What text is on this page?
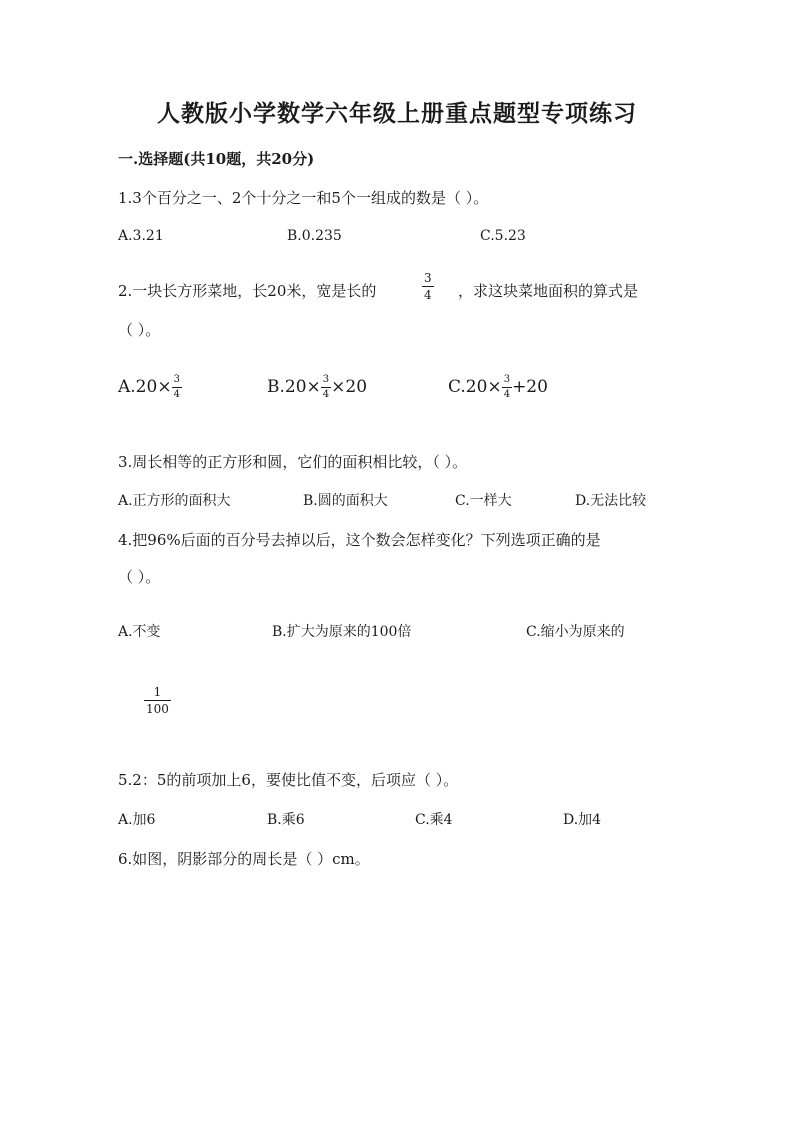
人教版小学数学六年级上册重点题型专项练习
一.选择题(共10题，共20分)
1.3个百分之一、2个十分之一和5个一组成的数是（ ）。
A.3.21	B.0.235	C.5.23
2.一块长方形菜地，长20米，宽是长的	$\frac{3}{4}$ ，求这块菜地面积的算式是
（ ）。
$A.20\times \frac{3}{4}$	$B.20\times \frac{3}{4} \times 20$	$C.20\times \frac{3}{4} +20$
3.周长相等的正方形和圆，它们的面积相比较，（ ）。
A.正方形的面积大	B.圆的面积大	C.一样大	D.无法比较
4.把96%后面的百分号去掉以后，这个数会怎样变化？下列选项正确的是
（ ）。
A.不变	B.扩大为原来的100倍	C.缩小为原来的
$\frac{1}{100}$
5.2：5的前项加上6，要使比值不变，后项应（ ）。
A.加6	B.乘6	C.乘4	D.加4
6.如图，阴影部分的周长是（ ）cm。
